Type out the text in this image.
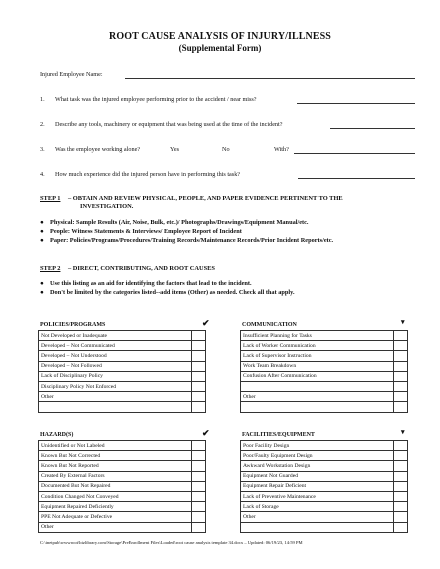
ROOT CAUSE ANALYSIS OF INJURY/ILLNESS
(Supplemental Form)
Injured Employee Name:
1. What task was the injured employee performing prior to the accident / near miss?
2. Describe any tools, machinery or equipment that was being used at the time of the incident?
3. Was the employee working alone?	Yes	No	With?
4. How much experience did the injured person have in performing this task?
STEP 1 – OBTAIN AND REVIEW PHYSICAL, PEOPLE, AND PAPER EVIDENCE PERTINENT TO THE
INVESTIGATION.
● Physical: Sample Results (Air, Noise, Bulk, etc.)/ Photographs/Drawings/Equipment Manual/etc.
● People: Witness Statements & Interviews/ Employee Report of Incident
● Paper: Policies/Programs/Procedures/Training Records/Maintenance Records/Prior Incident Reports/etc.
STEP 2 – DIRECT, CONTRIBUTING, AND ROOT CAUSES
● Use this listing as an aid for identifying the factors that lead to the incident.
● Don't be limited by the categories listed--add items (Other) as needed. Check all that apply.
POLICIES/PROGRAMS	✔
Not Developed or Inadequate	
Developed – Not Communicated	
Developed – Not Understood	
Developed – Not Followed	
Lack of Disciplinary Policy	
Disciplinary Policy Not Enforced	
Other	

COMMUNICATION	▾
Insufficient Planning for Tasks	
Lack of Worker Communication	
Lack of Supervisor Instruction	
Work Team Breakdown	
Confusion After Communication	

Other	

HAZARD(S)	✔
Unidentified or Not Labeled	
Known But Not Corrected	
Known But Not Reported	
Created By External Factors	
Documented But Not Repaired	
Condition Changed Not Conveyed	
Equipment Repaired Deficiently	
PPE Not Adequate or Defective	
Other	
FACILITIES/EQUIPMENT	▾
Poor Facility Design	
Poor/Faulty Equipment Design	
Awkward Workstation Design	
Equipment Not Guarded	
Equipment Repair Deficient	
Lack of Preventive Maintenance	
Lack of Storage	
Other	

C:\inetpub\wwwroot\bizlibrary.com\Storage\PreEnrollment Files\Loaded\root cause analysis template 34.docx – Updated: 06/19/23, 14:59 PM
